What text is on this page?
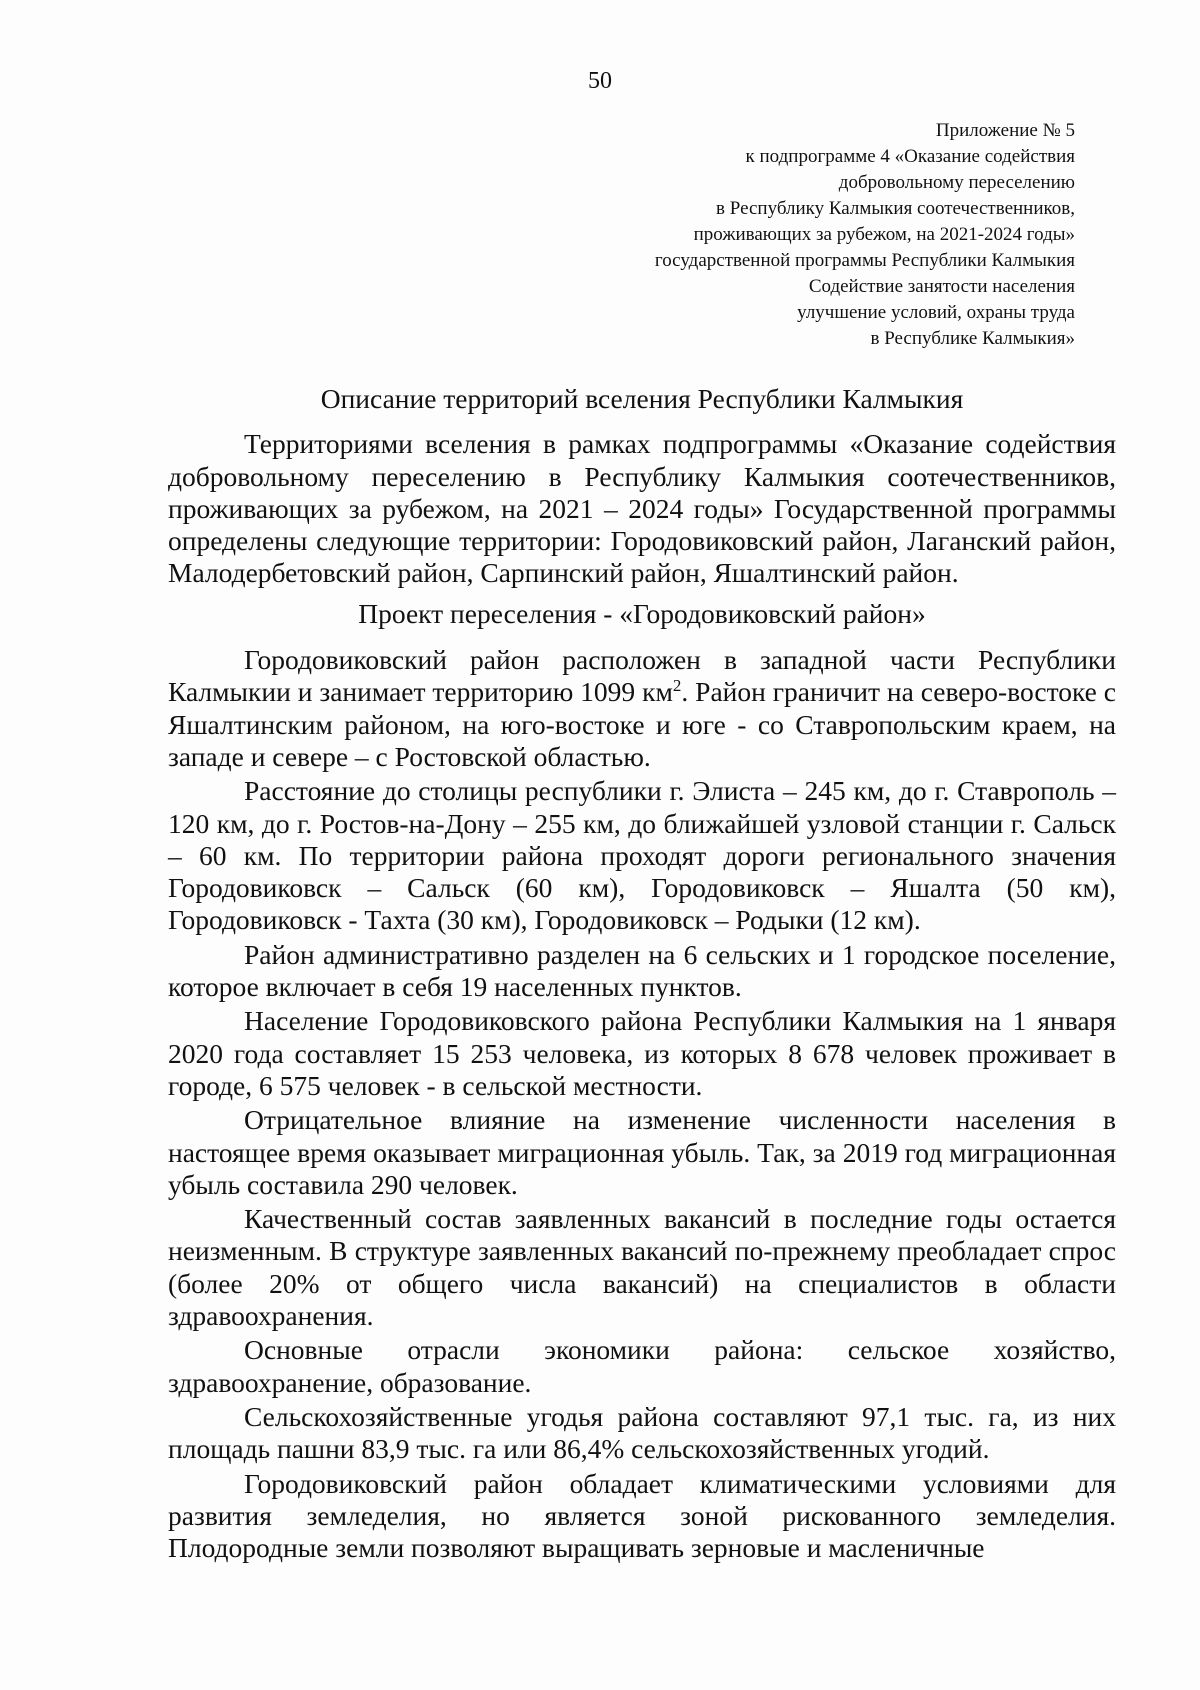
50
Приложение № 5
к подпрограмме 4 «Оказание содействия
добровольному переселению
в Республику Калмыкия соотечественников,
проживающих за рубежом, на 2021-2024 годы»
государственной программы Республики Калмыкия
Содействие занятости населения
улучшение условий, охраны труда
в Республике Калмыкия»
Описание территорий вселения Республики Калмыкия

Территориями вселения в рамках подпрограммы «Оказание содействия добровольному переселению в Республику Калмыкия соотечественников, проживающих за рубежом, на 2021 – 2024 годы» Государственной программы определены следующие территории: Городовиковский район, Лаганский район, Малодербетовский район, Сарпинский район, Яшалтинский район.

Проект переселения - «Городовиковский район»

Городовиковский район расположен в западной части Республики Калмыкии и занимает территорию 1099 $км^2$. Район граничит на северо-востоке с Яшалтинским районом, на юго-востоке и юге - со Ставропольским краем, на западе и севере – с Ростовской областью.

Расстояние до столицы республики г. Элиста – 245 км, до г. Ставрополь – 120 км, до г. Ростов-на-Дону – 255 км, до ближайшей узловой станции г. Сальск – 60 км. По территории района проходят дороги регионального значения Городовиковск – Сальск (60 км), Городовиковск – Яшалта (50 км), Городовиковск - Тахта (30 км), Городовиковск – Родыки (12 км).

Район административно разделен на 6 сельских и 1 городское поселение, которое включает в себя 19 населенных пунктов.

Население Городовиковского района Республики Калмыкия на 1 января 2020 года составляет 15 253 человека, из которых 8 678 человек проживает в городе, 6 575 человек - в сельской местности.

Отрицательное влияние на изменение численности населения в настоящее время оказывает миграционная убыль. Так, за 2019 год миграционная убыль составила 290 человек.

Качественный состав заявленных вакансий в последние годы остается неизменным. В структуре заявленных вакансий по-прежнему преобладает спрос (более 20% от общего числа вакансий) на специалистов в области здравоохранения.

Основные отрасли экономики района: сельское хозяйство, здравоохранение, образование.

Сельскохозяйственные угодья района составляют 97,1 тыс. га, из них площадь пашни 83,9 тыс. га или 86,4% сельскохозяйственных угодий.

Городовиковский район обладает климатическими условиями для развития земледелия, но является зоной рискованного земледелия. Плодородные земли позволяют выращивать зерновые и масленичные
